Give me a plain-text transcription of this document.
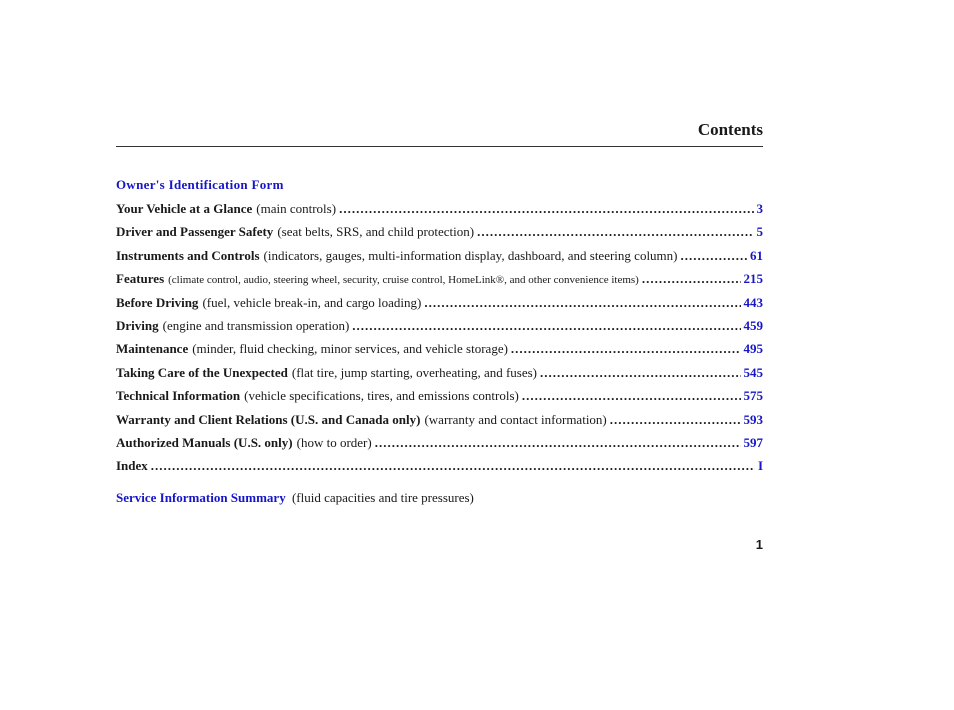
Contents
Owner's Identification Form
Your Vehicle at a Glance (main controls) .....	3
Driver and Passenger Safety (seat belts, SRS, and child protection) .....	5
Instruments and Controls (indicators, gauges, multi-information display, dashboard, and steering column) .....	61
Features (climate control, audio, steering wheel, security, cruise control, HomeLink®, and other convenience items) .....	215
Before Driving (fuel, vehicle break-in, and cargo loading) .....	443
Driving (engine and transmission operation) .....	459
Maintenance (minder, fluid checking, minor services, and vehicle storage) .....	495
Taking Care of the Unexpected (flat tire, jump starting, overheating, and fuses) .....	545
Technical Information (vehicle specifications, tires, and emissions controls) .....	575
Warranty and Client Relations (U.S. and Canada only) (warranty and contact information) .....	593
Authorized Manuals (U.S. only) (how to order) .....	597
Index .....	I
Service Information Summary (fluid capacities and tire pressures)
1
